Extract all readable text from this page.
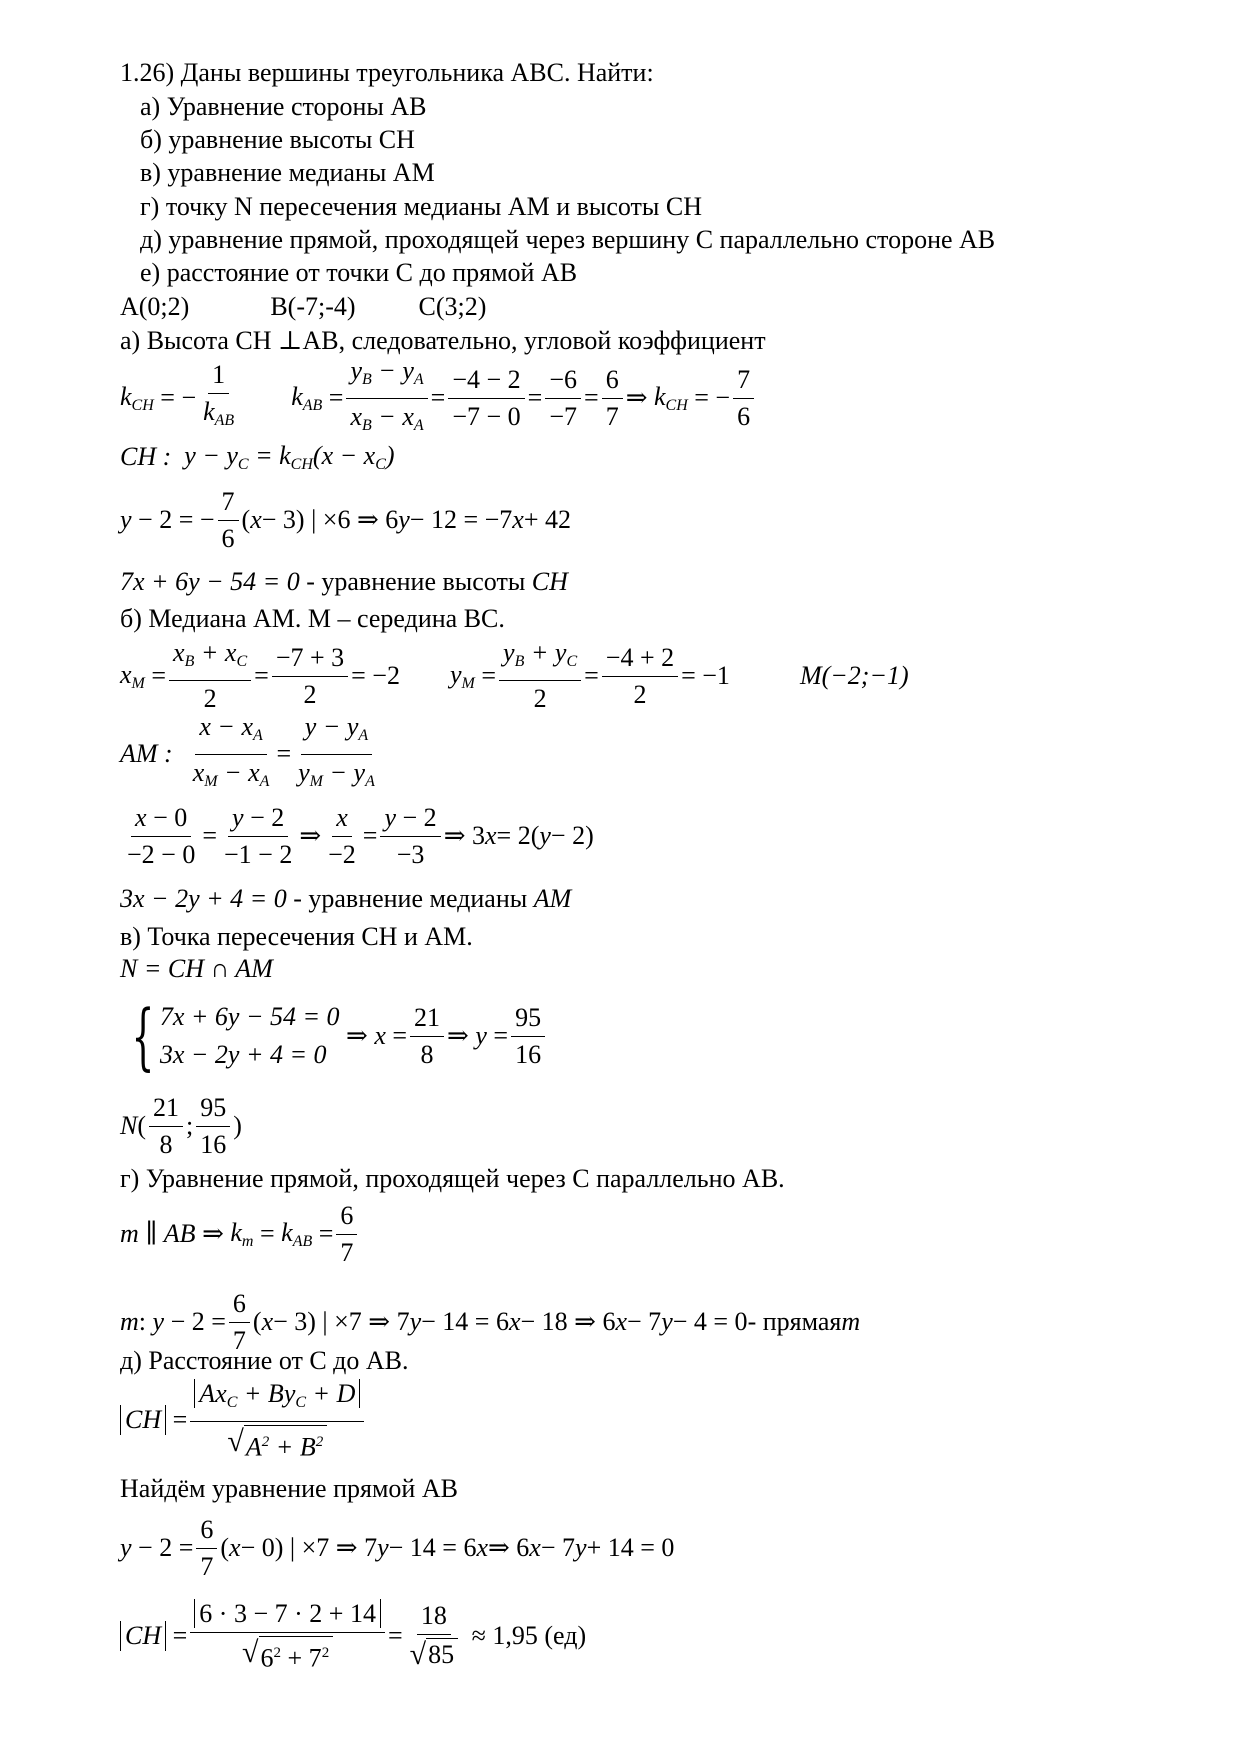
1.26) Даны вершины треугольника АВС. Найти:
а) Уравнение стороны АВ
б) уравнение высоты СН
в) уравнение медианы АМ
г) точку N пересечения медианы АМ и высоты СН
д) уравнение прямой, проходящей через вершину С параллельно стороне АВ
е) расстояние от точки С до прямой АВ
A(0;2)	B(-7;-4) C(3;2)
а) Высота СН ⊥АВ, следовательно, угловой коэффициент
$k_{CH}$ = −
1
$k_{AB}$
$k_{AB}$ =
$y_B - y_A$
$x_B - x_A$
=
−4 − 2
−7 − 0
=
−6
−7
=
6
7
⇒ $k_{CH}$ = −
7
6
CH :
$y - y_C = k_{CH}(x - x_C)$
y − 2 = −
7
6
( x − 3) | ×6 ⇒ 6 y − 12 = −7 x + 42
7x + 6y − 54 = 0 - уравнение высоты CH
б) Медиана АМ. М – середина ВС.
$x_M$ =
$x_B + x_C$
2
=
−7 + 3
2
= −2 $y_M$ =
$y_B + y_C$
2
=
−4 + 2
2
= −1	M(−2;−1)
AM :

$x - x_A$
$x_M - x_A$
=
$y - y_A$
$y_M - y_A$
x − 0
−2 − 0
=
y − 2
−1 − 2
⇒
x
−2
=
y − 2
−3
⇒ 3 x = 2( y − 2)
3x − 2y + 4 = 0 - уравнение медианы AM
в) Точка пересечения СН и АМ.
N = CH ∩ AM
{ 7x + 6y − 54 = 0
3x − 2y + 4 = 0
⇒ x =
21
8
⇒ y =
95
16
N (
21
8
;
95
16
)
г) Уравнение прямой, проходящей через С параллельно АВ.
m ∥ AB ⇒ $k_m = k_{AB}$ =
6
7
m : y − 2 =
6
7
( x − 3) | ×7 ⇒ 7 y − 14 = 6 x − 18 ⇒ 6 x − 7 y − 4 = 0 - прямая m
д) Расстояние от С до АВ.
CH =
$Ax_C + By_C + D$
√ $A^2 + B^2$
Найдём уравнение прямой АВ
y − 2 =
6
7
( x − 0) | ×7 ⇒ 7 y − 14 = 6 x ⇒ 6 x − 7 y + 14 = 0
CH =
6 · 3 − 7 · 2 + 14
√ $6^2 + 7^2$
= $\frac{18}{√ 85}$
≈ 1,95 (ед)
